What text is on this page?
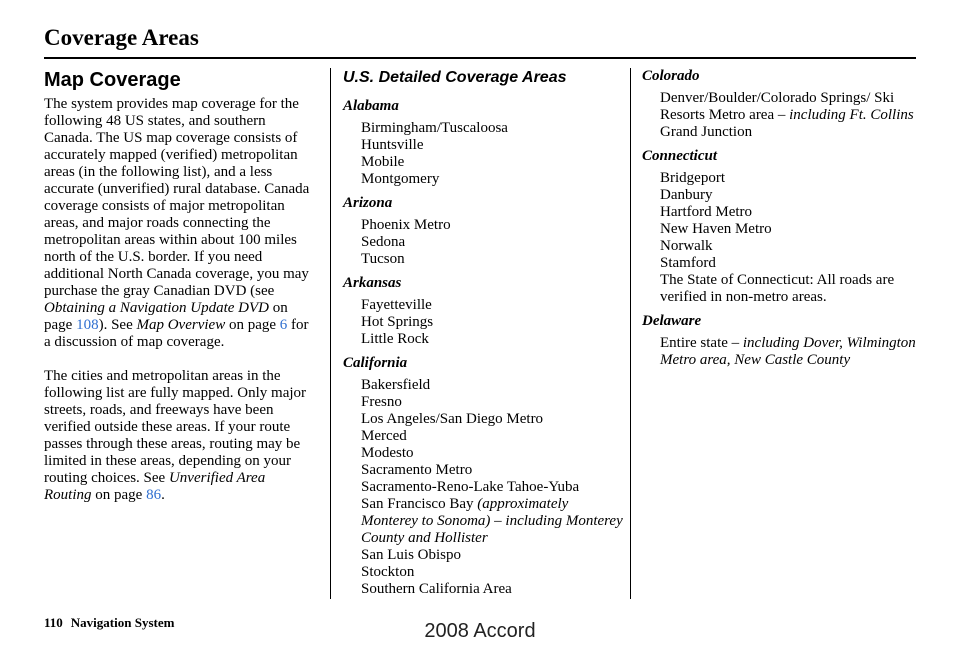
Coverage Areas
Map Coverage

The system provides map coverage for the following 48 US states, and southern Canada. The US map coverage consists of accurately mapped (verified) metropolitan areas (in the following list), and a less accurate (unverified) rural database. Canada coverage consists of major metropolitan areas, and major roads connecting the metropolitan areas within about 100 miles north of the U.S. border. If you need additional North Canada coverage, you may purchase the gray Canadian DVD (see Obtaining a Navigation Update DVD on page 108). See Map Overview on page 6 for a discussion of map coverage.

The cities and metropolitan areas in the following list are fully mapped. Only major streets, roads, and freeways have been verified outside these areas. If your route passes through these areas, routing may be limited in these areas, depending on your routing choices. See Unverified Area Routing on page 86.

U.S. Detailed Coverage Areas
Alabama
Birmingham/Tuscaloosa
Huntsville
Mobile
Montgomery
Arizona
Phoenix Metro
Sedona
Tucson
Arkansas
Fayetteville
Hot Springs
Little Rock
California
Bakersfield
Fresno
Los Angeles/San Diego Metro
Merced
Modesto
Sacramento Metro
Sacramento-Reno-Lake Tahoe-Yuba
San Francisco Bay (approximately Monterey to Sonoma) – including Monterey County and Hollister
San Luis Obispo
Stockton
Southern California Area
Colorado
Denver/Boulder/Colorado Springs/ Ski Resorts Metro area – including Ft. Collins
Grand Junction
Connecticut
Bridgeport
Danbury
Hartford Metro
New Haven Metro
Norwalk
Stamford
The State of Connecticut: All roads are verified in non-metro areas.
Delaware
Entire state – including Dover, Wilmington Metro area, New Castle County
110 Navigation System	2008 Accord
